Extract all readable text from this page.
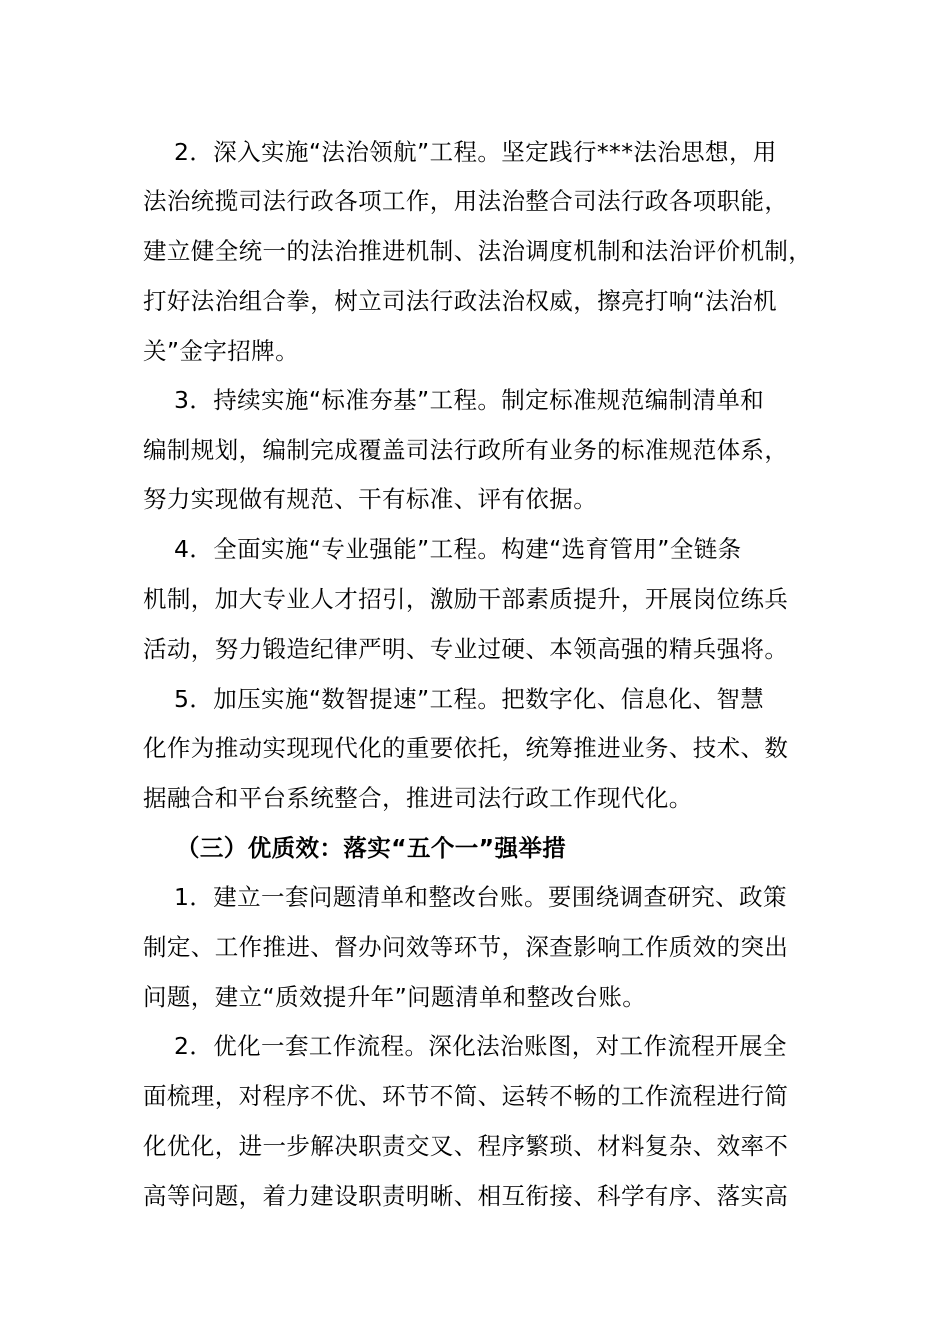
2．深入实施“法治领航”工程。坚定践行***法治思想，用
法治统揽司法行政各项工作，用法治整合司法行政各项职能，
建立健全统一的法治推进机制、法治调度机制和法治评价机制，
打好法治组合拳，树立司法行政法治权威，擦亮打响“法治机
关”金字招牌。
3．持续实施“标准夯基”工程。制定标准规范编制清单和
编制规划，编制完成覆盖司法行政所有业务的标准规范体系，
努力实现做有规范、干有标准、评有依据。
4．全面实施“专业强能”工程。构建“选育管用”全链条
机制，加大专业人才招引，激励干部素质提升，开展岗位练兵
活动，努力锻造纪律严明、专业过硬、本领高强的精兵强将。
5．加压实施“数智提速”工程。把数字化、信息化、智慧
化作为推动实现现代化的重要依托，统筹推进业务、技术、数
据融合和平台系统整合，推进司法行政工作现代化。
（三）优质效：落实“五个一”强举措
1．建立一套问题清单和整改台账。要围绕调查研究、政策
制定、工作推进、督办问效等环节，深查影响工作质效的突出
问题，建立“质效提升年”问题清单和整改台账。
2．优化一套工作流程。深化法治账图，对工作流程开展全
面梳理，对程序不优、环节不简、运转不畅的工作流程进行简
化优化，进一步解决职责交叉、程序繁琐、材料复杂、效率不
高等问题，着力建设职责明晰、相互衔接、科学有序、落实高
